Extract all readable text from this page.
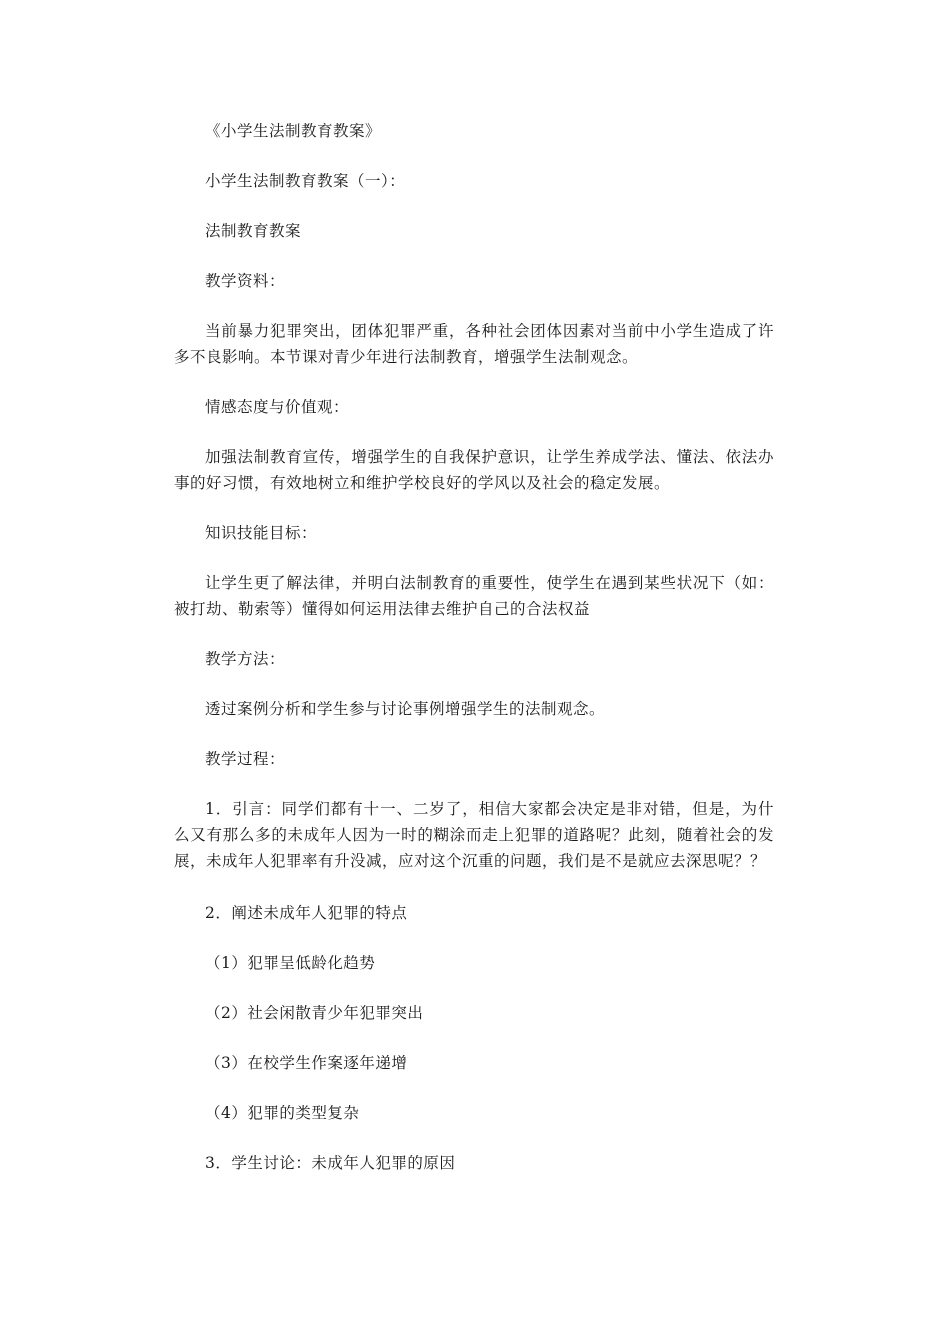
《小学生法制教育教案》

小学生法制教育教案（一）：

法制教育教案

教学资料：

当前暴力犯罪突出，团体犯罪严重，各种社会团体因素对当前中小学生造成了许多不良影响。本节课对青少年进行法制教育，增强学生法制观念。

情感态度与价值观：

加强法制教育宣传，增强学生的自我保护意识，让学生养成学法、懂法、依法办事的好习惯，有效地树立和维护学校良好的学风以及社会的稳定发展。

知识技能目标：

让学生更了解法律，并明白法制教育的重要性，使学生在遇到某些状况下（如：被打劫、勒索等）懂得如何运用法律去维护自己的合法权益

教学方法：

透过案例分析和学生参与讨论事例增强学生的法制观念。

教学过程：

1．引言：同学们都有十一、二岁了，相信大家都会决定是非对错，但是，为什么又有那么多的未成年人因为一时的糊涂而走上犯罪的道路呢？此刻，随着社会的发展，未成年人犯罪率有升没减，应对这个沉重的问题，我们是不是就应去深思呢？？

2．阐述未成年人犯罪的特点

（1）犯罪呈低龄化趋势

（2）社会闲散青少年犯罪突出

（3）在校学生作案逐年递增

（4）犯罪的类型复杂

3．学生讨论：未成年人犯罪的原因
